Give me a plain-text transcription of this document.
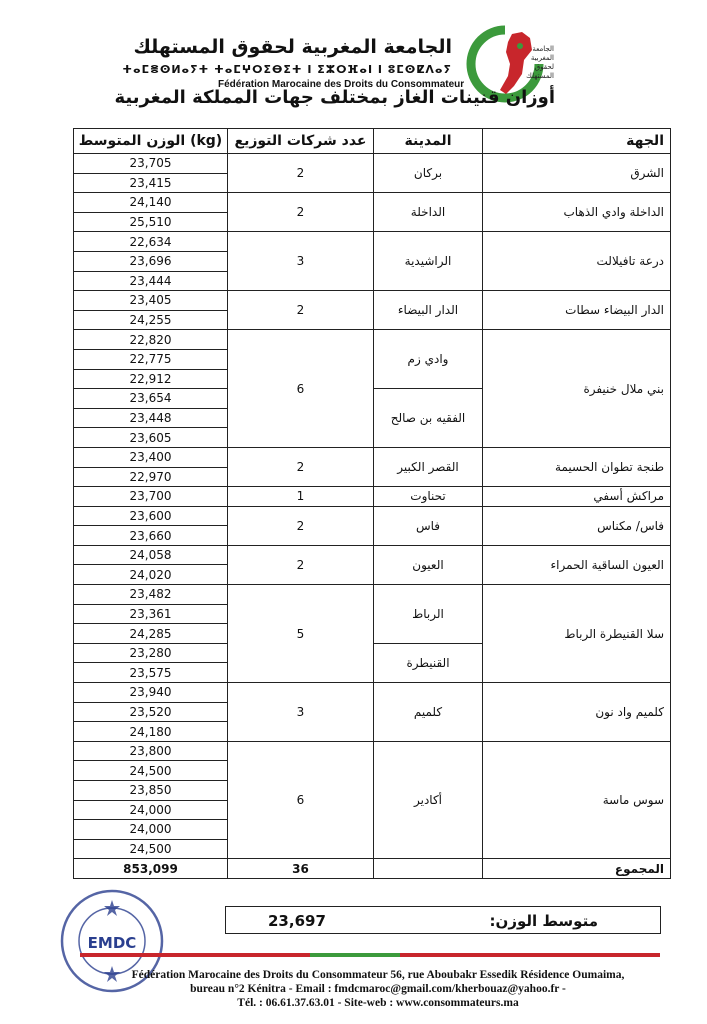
الجامعة المغربية لحقوق المستهلك
الجامعة المغربية لحقوق المستهلك
ⵜⴰⵎⴻⵙⵍⴰⵢⵜ ⵜⴰⵎⵖⵔⵉⴱⵉⵜ ⵏ ⵉⵣⵔⴼⴰⵏ ⵏ ⵓⵎⵙⵇⴷⴰⵢ
Fédération Marocaine des Droits du Consommateur
أوزان قنينات الغاز بمختلف جهات المملكة المغربية
الوزن المتوسط (kg)	عدد شركات التوزيع	المدينة	الجهة
23,705	2	بركان	الشرق
23,415			
24,140	2	الداخلة	الداخلة وادي الذهاب
25,510			
22,634	3	الراشيدية	درعة تافيلالت
23,696			
23,444			
23,405	2	الدار البيضاء	الدار البيضاء سطات
24,255			
22,820	6	وادي زم	بني ملال خنيفرة
22,775			
22,912			
23,654		الفقيه بن صالح	
23,448			
23,605			
23,400	2	القصر الكبير	طنجة تطوان الحسيمة
22,970			
23,700	1	تحناوت	مراكش أسفي
23,600	2	فاس	فاس/ مكناس
23,660			
24,058	2	العيون	العيون الساقية الحمراء
24,020			
23,482	5	الرباط	سلا القنيطرة الرباط
23,361			
24,285			
23,280		القنيطرة	
23,575			
23,940	3	كلميم	كلميم واد نون
23,520			
24,180			
23,800	6	أكادير	سوس ماسة
24,500			
23,850			
24,000			
24,000			
24,500			
853,099	36		المجموع
23,697	متوسط الوزن:
EMDC
Fédération Marocaine des Droits du Consommateur 56, rue Aboubakr Essedik Résidence Oumaima,
bureau n°2 Kénitra - Email : fmdcmaroc@gmail.com/kherbouaz@yahoo.fr -
Tél. : 06.61.37.63.01 - Site-web : www.consommateurs.ma
